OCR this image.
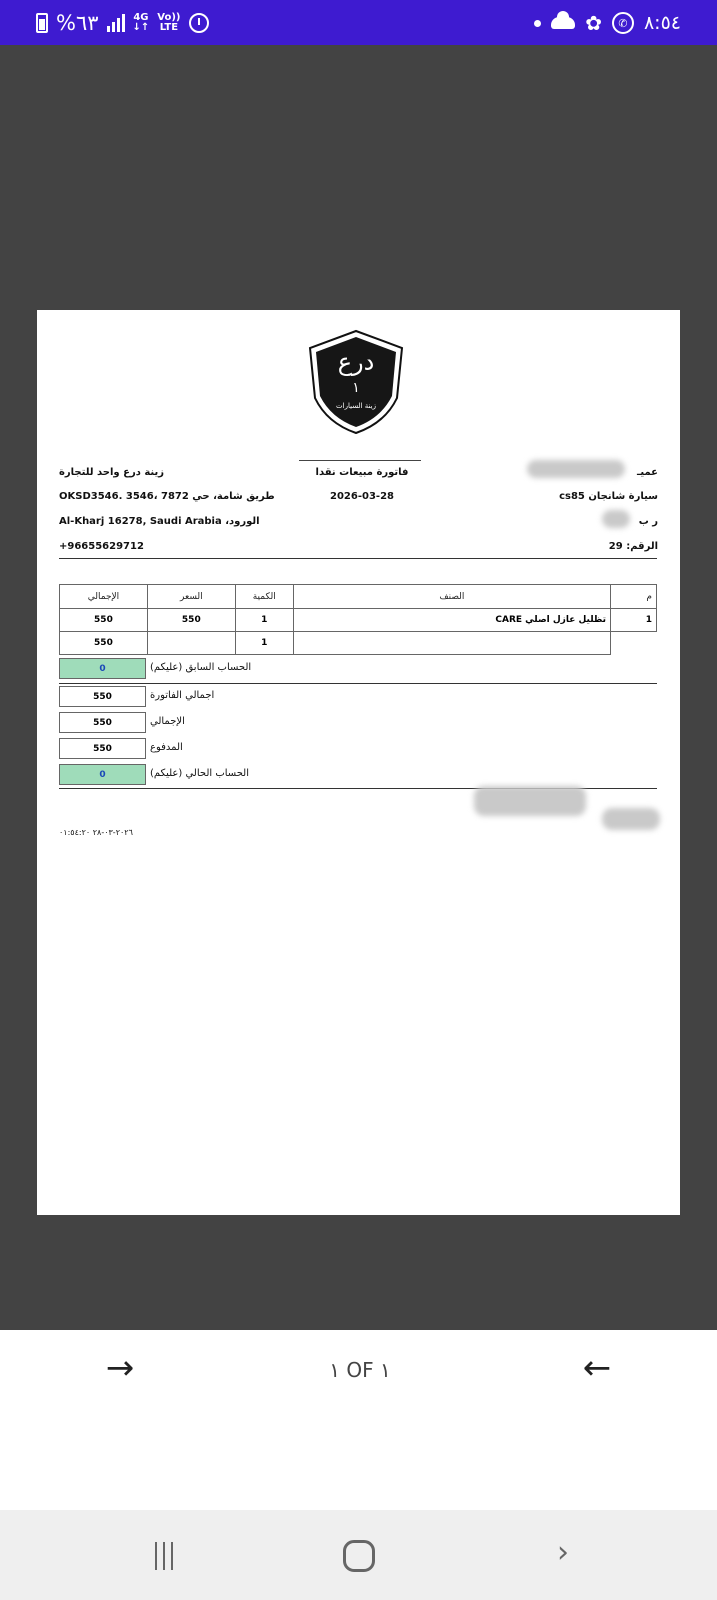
%٦٣	4G
↓↑
Vo))
LTE	✿	✆ ٨:٥٤
درع
١
زينة السيارات
زينة درع واحد للتجارة
طريق شامة، حي 7872 ،OKSD3546. 3546
الورود، Al-Kharj 16278, Saudi Arabia
+96655629712
فاتورة مبيعات نقدا
2026-03-28
عميـ
سيارة شانجان cs85
ر ب
الرقم: 29
الإجمالي	السعر	الكمية	الصنف	م
550	550	1	تظليل عازل اصلي CARE	1
550		1		
0	الحساب السابق (عليكم)
550	اجمالي الفاتورة
550	الإجمالي
550	المدفوع
0	الحساب الحالي (عليكم)
٢٠٢٦-٠٣-٢٨ ٠١:٥٤:٢٠
→	١ OF ١	←
›
